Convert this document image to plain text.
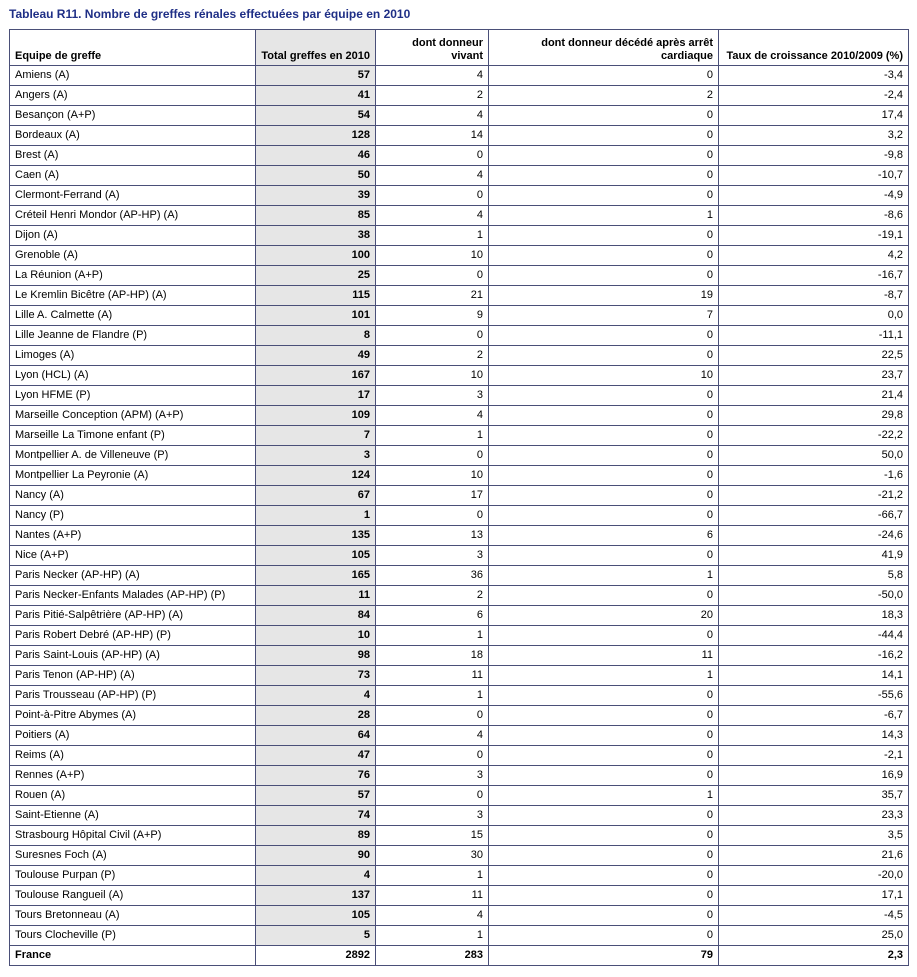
Tableau R11. Nombre de greffes rénales effectuées par équipe en 2010
Equipe de greffe	Total greffes en 2010	dont donneur vivant	dont donneur décédé après arrêt cardiaque	Taux de croissance 2010/2009 (%)
Amiens (A)	57	4	0	-3,4
Angers (A)	41	2	2	-2,4
Besançon (A+P)	54	4	0	17,4
Bordeaux (A)	128	14	0	3,2
Brest (A)	46	0	0	-9,8
Caen (A)	50	4	0	-10,7
Clermont-Ferrand (A)	39	0	0	-4,9
Créteil Henri Mondor (AP-HP) (A)	85	4	1	-8,6
Dijon (A)	38	1	0	-19,1
Grenoble (A)	100	10	0	4,2
La Réunion (A+P)	25	0	0	-16,7
Le Kremlin Bicêtre (AP-HP) (A)	115	21	19	-8,7
Lille A. Calmette (A)	101	9	7	0,0
Lille Jeanne de Flandre (P)	8	0	0	-11,1
Limoges (A)	49	2	0	22,5
Lyon (HCL) (A)	167	10	10	23,7
Lyon HFME (P)	17	3	0	21,4
Marseille Conception (APM) (A+P)	109	4	0	29,8
Marseille La Timone enfant (P)	7	1	0	-22,2
Montpellier A. de Villeneuve (P)	3	0	0	50,0
Montpellier La Peyronie (A)	124	10	0	-1,6
Nancy (A)	67	17	0	-21,2
Nancy (P)	1	0	0	-66,7
Nantes (A+P)	135	13	6	-24,6
Nice (A+P)	105	3	0	41,9
Paris Necker (AP-HP) (A)	165	36	1	5,8
Paris Necker-Enfants Malades (AP-HP) (P)	11	2	0	-50,0
Paris Pitié-Salpêtrière (AP-HP) (A)	84	6	20	18,3
Paris Robert Debré (AP-HP) (P)	10	1	0	-44,4
Paris Saint-Louis (AP-HP) (A)	98	18	11	-16,2
Paris Tenon (AP-HP) (A)	73	11	1	14,1
Paris Trousseau (AP-HP) (P)	4	1	0	-55,6
Point-à-Pitre Abymes (A)	28	0	0	-6,7
Poitiers (A)	64	4	0	14,3
Reims (A)	47	0	0	-2,1
Rennes (A+P)	76	3	0	16,9
Rouen (A)	57	0	1	35,7
Saint-Etienne (A)	74	3	0	23,3
Strasbourg Hôpital Civil (A+P)	89	15	0	3,5
Suresnes Foch (A)	90	30	0	21,6
Toulouse Purpan (P)	4	1	0	-20,0
Toulouse Rangueil (A)	137	11	0	17,1
Tours Bretonneau (A)	105	4	0	-4,5
Tours Clocheville (P)	5	1	0	25,0
France	2892	283	79	2,3
